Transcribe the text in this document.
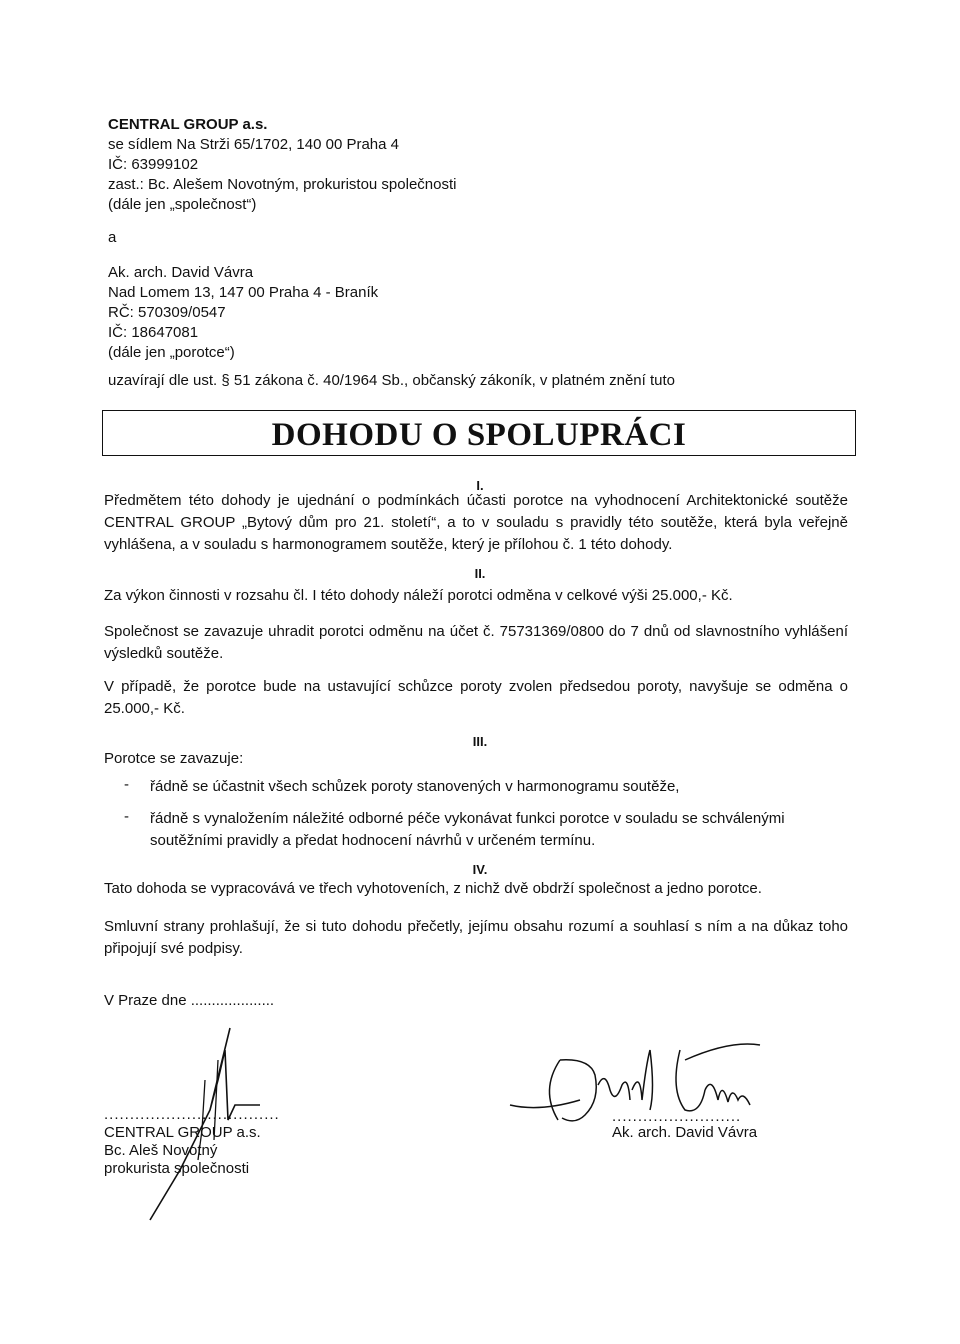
CENTRAL GROUP a.s.
se sídlem Na Strži 65/1702, 140 00 Praha 4
IČ: 63999102
zast.: Bc. Alešem Novotným, prokuristou společnosti
(dále jen „společnost“)
a
Ak. arch. David Vávra
Nad Lomem 13, 147 00 Praha 4 - Braník
RČ: 570309/0547
IČ: 18647081
(dále jen „porotce“)
uzavírají dle ust. § 51 zákona č. 40/1964 Sb., občanský zákoník, v platném znění tuto
DOHODU O SPOLUPRÁCI
I.
Předmětem této dohody je ujednání o podmínkách účasti porotce na vyhodnocení Architektonické soutěže CENTRAL GROUP „Bytový dům pro 21. století“, a to v souladu s pravidly této soutěže, která byla veřejně vyhlášena, a v souladu s harmonogramem soutěže, který je přílohou č. 1 této dohody.
II.
Za výkon činnosti v rozsahu čl. I této dohody náleží porotci odměna v celkové výši 25.000,- Kč.
Společnost se zavazuje uhradit porotci odměnu na účet č. 75731369/0800 do 7 dnů od slavnostního vyhlášení výsledků soutěže.
V případě, že porotce bude na ustavující schůzce poroty zvolen předsedou poroty, navyšuje se odměna o 25.000,- Kč.
III.
Porotce se zavazuje:
- řádně se účastnit všech schůzek poroty stanovených v harmonogramu soutěže,
- řádně s vynaložením náležité odborné péče vykonávat funkci porotce v souladu se schválenými soutěžními pravidly a předat hodnocení návrhů v určeném termínu.
IV.
Tato dohoda se vypracovává ve třech vyhotoveních, z nichž dvě obdrží společnost a jedno porotce.
Smluvní strany prohlašují, že si tuto dohodu přečetly, jejímu obsahu rozumí a souhlasí s ním a na důkaz toho připojují své podpisy.
V Praze dne ....................
..................................
CENTRAL GROUP a.s.
Bc. Aleš Novotný
prokurista společnosti
.........................
Ak. arch. David Vávra
